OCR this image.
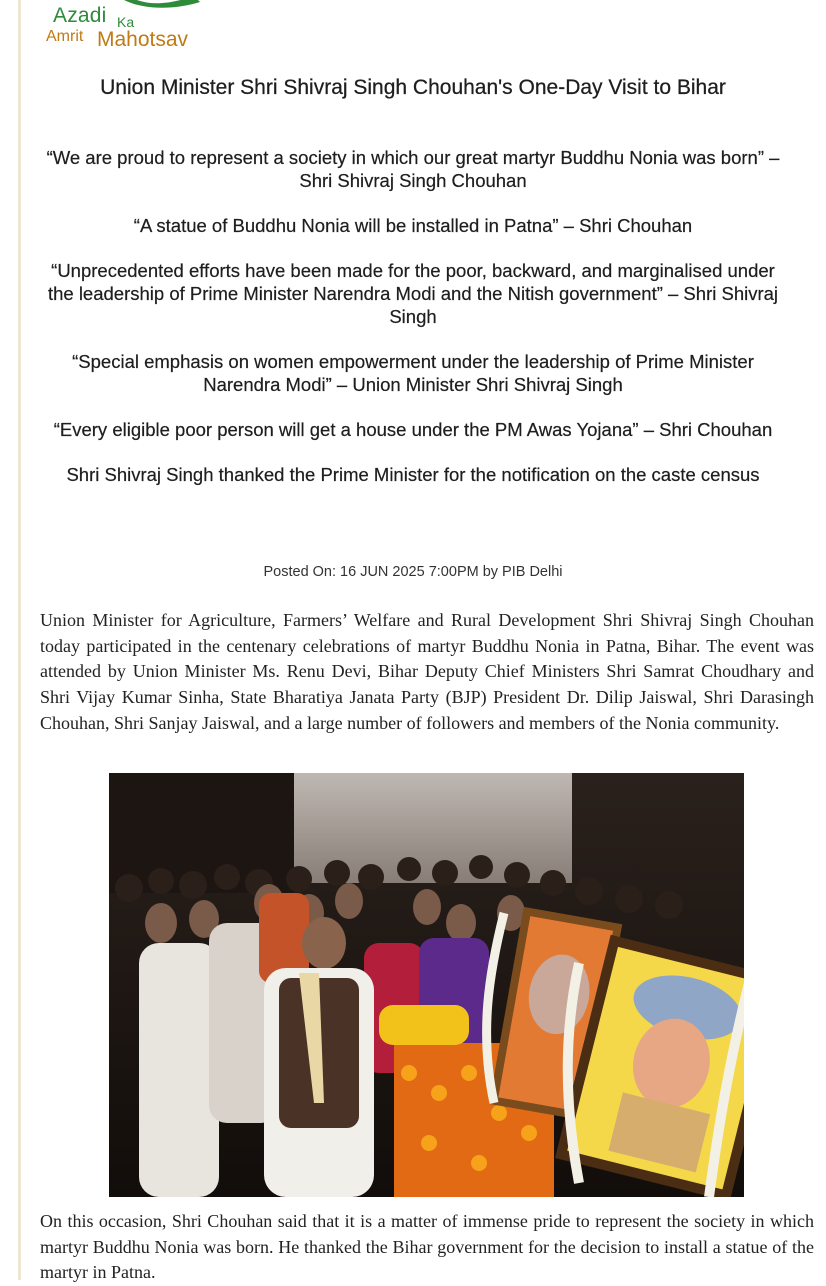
Azadi Ka
Amrit Mahotsav
Union Minister Shri Shivraj Singh Chouhan's One-Day Visit to Bihar

“We are proud to represent a society in which our great martyr Buddhu Nonia was born” – Shri Shivraj Singh Chouhan

“A statue of Buddhu Nonia will be installed in Patna” – Shri Chouhan

“Unprecedented efforts have been made for the poor, backward, and marginalised under the leadership of Prime Minister Narendra Modi and the Nitish government” – Shri Shivraj Singh

“Special emphasis on women empowerment under the leadership of Prime Minister Narendra Modi” – Union Minister Shri Shivraj Singh

“Every eligible poor person will get a house under the PM Awas Yojana” – Shri Chouhan

Shri Shivraj Singh thanked the Prime Minister for the notification on the caste census

Posted On: 16 JUN 2025 7:00PM by PIB Delhi

Union Minister for Agriculture, Farmers’ Welfare and Rural Development Shri Shivraj Singh Chouhan today participated in the centenary celebrations of martyr Buddhu Nonia in Patna, Bihar. The event was attended by Union Minister Ms. Renu Devi, Bihar Deputy Chief Ministers Shri Samrat Choudhary and Shri Vijay Kumar Sinha, State Bharatiya Janata Party (BJP) President Dr. Dilip Jaiswal, Shri Darasingh Chouhan, Shri Sanjay Jaiswal, and a large number of followers and members of the Nonia community.

On this occasion, Shri Chouhan said that it is a matter of immense pride to represent the society in which martyr Buddhu Nonia was born. He thanked the Bihar government for the decision to install a statue of the martyr in Patna.
